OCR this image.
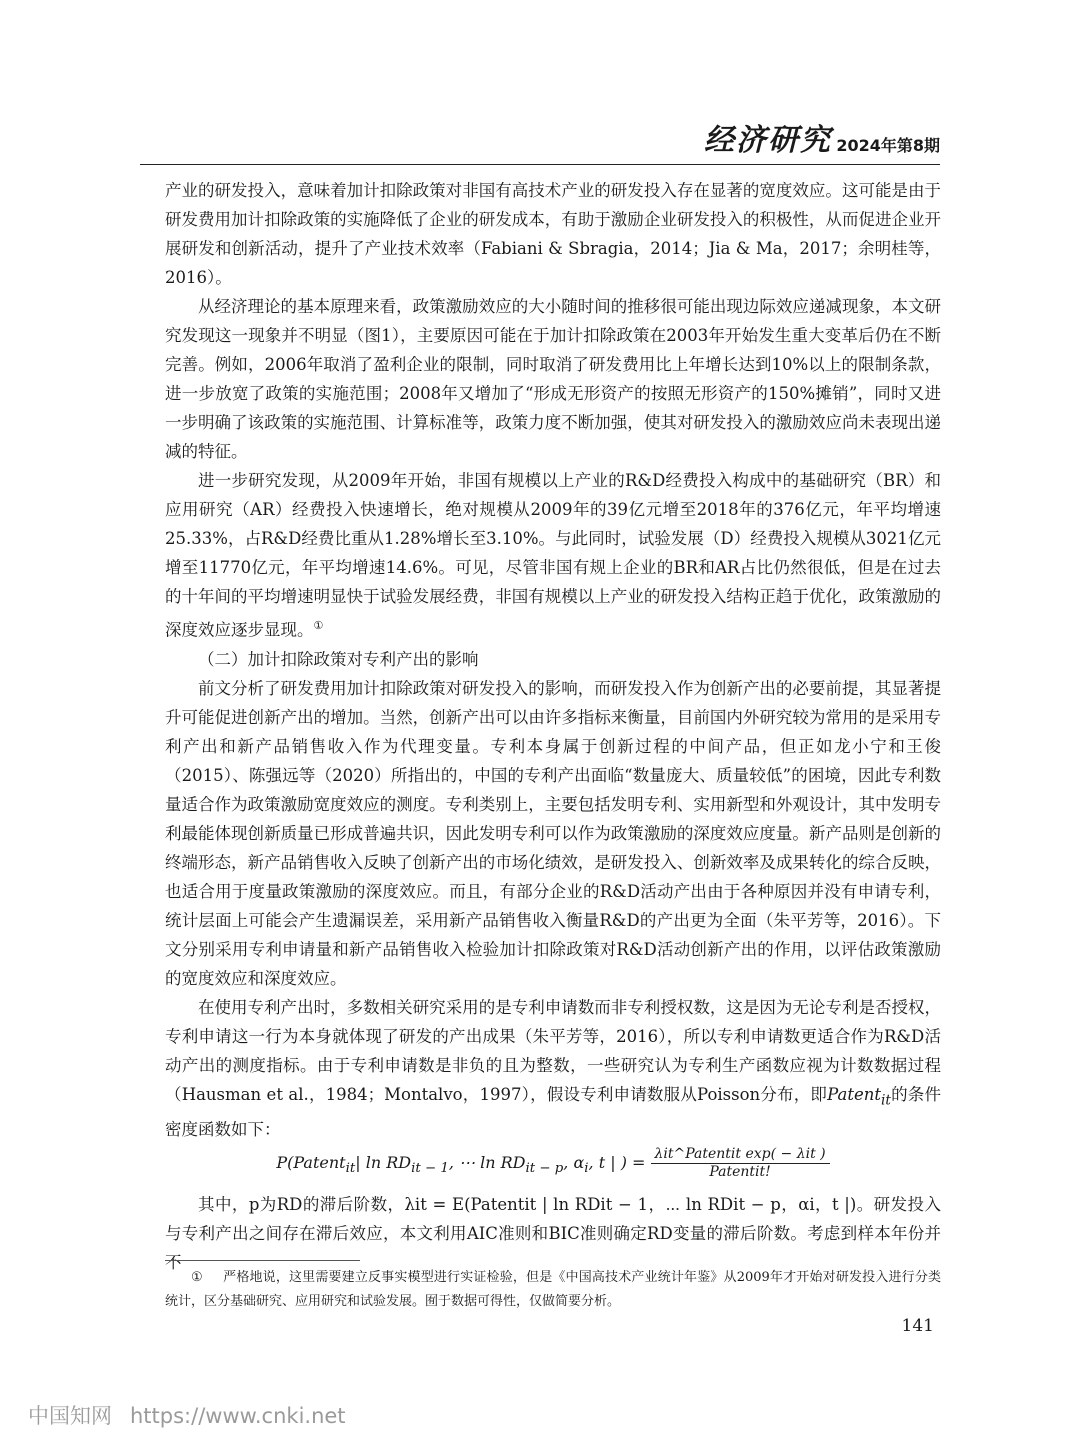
经济研究 2024年第8期

产业的研发投入，意味着加计扣除政策对非国有高技术产业的研发投入存在显著的宽度效应。这可能是由于研发费用加计扣除政策的实施降低了企业的研发成本，有助于激励企业研发投入的积极性，从而促进企业开展研发和创新活动，提升了产业技术效率（Fabiani & Sbragia，2014；Jia & Ma，2017；余明桂等，2016）。

从经济理论的基本原理来看，政策激励效应的大小随时间的推移很可能出现边际效应递减现象，本文研究发现这一现象并不明显（图1），主要原因可能在于加计扣除政策在2003年开始发生重大变革后仍在不断完善。例如，2006年取消了盈利企业的限制，同时取消了研发费用比上年增长达到10%以上的限制条款，进一步放宽了政策的实施范围；2008年又增加了“形成无形资产的按照无形资产的150%摊销”，同时又进一步明确了该政策的实施范围、计算标准等，政策力度不断加强，使其对研发投入的激励效应尚未表现出递减的特征。

进一步研究发现，从2009年开始，非国有规模以上产业的R&D经费投入构成中的基础研究（BR）和应用研究（AR）经费投入快速增长，绝对规模从2009年的39亿元增至2018年的376亿元，年平均增速25.33%，占R&D经费比重从1.28%增长至3.10%。与此同时，试验发展（D）经费投入规模从3021亿元增至11770亿元，年平均增速14.6%。可见，尽管非国有规上企业的BR和AR占比仍然很低，但是在过去的十年间的平均增速明显快于试验发展经费，非国有规模以上产业的研发投入结构正趋于优化，政策激励的深度效应逐步显现。①

（二）加计扣除政策对专利产出的影响

前文分析了研发费用加计扣除政策对研发投入的影响，而研发投入作为创新产出的必要前提，其显著提升可能促进创新产出的增加。当然，创新产出可以由许多指标来衡量，目前国内外研究较为常用的是采用专利产出和新产品销售收入作为代理变量。专利本身属于创新过程的中间产品，但正如龙小宁和王俊（2015）、陈强远等（2020）所指出的，中国的专利产出面临“数量庞大、质量较低”的困境，因此专利数量适合作为政策激励宽度效应的测度。专利类别上，主要包括发明专利、实用新型和外观设计，其中发明专利最能体现创新质量已形成普遍共识，因此发明专利可以作为政策激励的深度效应度量。新产品则是创新的终端形态，新产品销售收入反映了创新产出的市场化绩效，是研发投入、创新效率及成果转化的综合反映，也适合用于度量政策激励的深度效应。而且，有部分企业的R&D活动产出由于各种原因并没有申请专利，统计层面上可能会产生遗漏误差，采用新产品销售收入衡量R&D的产出更为全面（朱平芳等，2016）。下文分别采用专利申请量和新产品销售收入检验加计扣除政策对R&D活动创新产出的作用，以评估政策激励的宽度效应和深度效应。

在使用专利产出时，多数相关研究采用的是专利申请数而非专利授权数，这是因为无论专利是否授权，专利申请这一行为本身就体现了研发的产出成果（朱平芳等，2016），所以专利申请数更适合作为R&D活动产出的测度指标。由于专利申请数是非负的且为整数，一些研究认为专利生产函数应视为计数数据过程（Hausman et al.，1984；Montalvo，1997），假设专利申请数服从Poisson分布，即Patent$_{it}$的条件密度函数如下：

P(Patent$_{it}$| $\ln RD_{it - 1}$, ⋯ $\ln RD_{it - p}$, $\alpha_i$, t | ) = $\frac{\text{λit\textasciicircum{}Patentit exp( − λit )}}{\text{Patentit!}}$

其中，p为RD的滞后阶数，λit = E(Patentit | ln RDit − 1，⋯ ln RDit − p，αi，t |)。研发投入与专利产出之间存在滞后效应，本文利用AIC准则和BIC准则确定RD变量的滞后阶数。考虑到样本年份并不

① 严格地说，这里需要建立反事实模型进行实证检验，但是《中国高技术产业统计年鉴》从2009年才开始对研发投入进行分类统计，区分基础研究、应用研究和试验发展。囿于数据可得性，仅做简要分析。
141
中国知网 https://www.cnki.net
